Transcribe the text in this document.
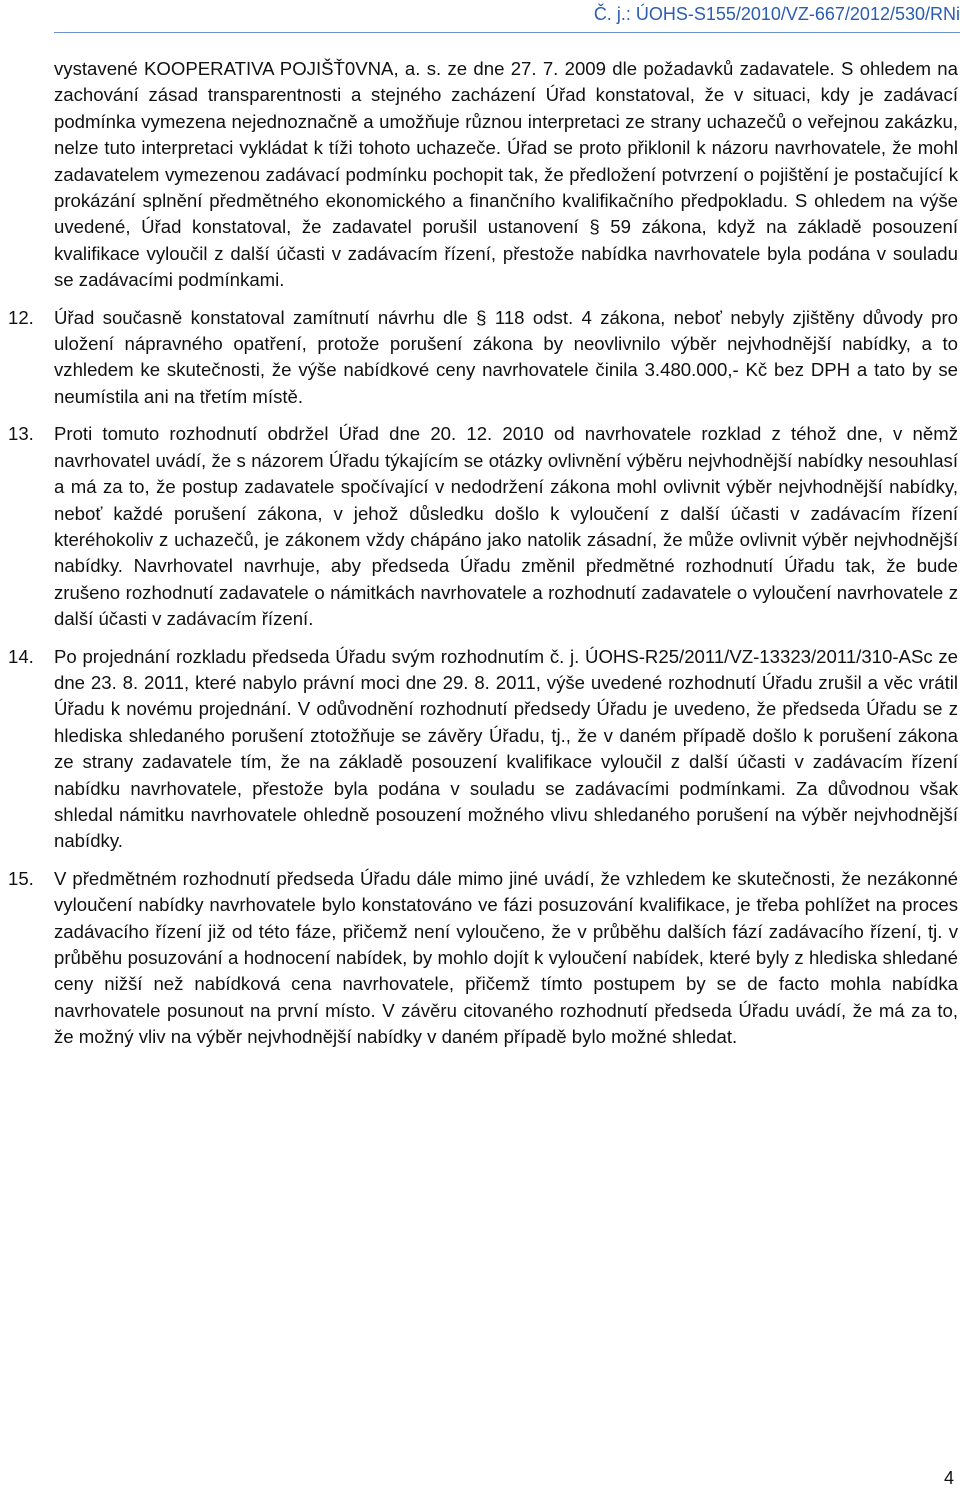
Č. j.: ÚOHS-S155/2010/VZ-667/2012/530/RNi

vystavené KOOPERATIVA POJIŠŤ0VNA, a. s. ze dne 27. 7. 2009 dle požadavků zadavatele. S ohledem na zachování zásad transparentnosti a stejného zacházení Úřad konstatoval, že v situaci, kdy je zadávací podmínka vymezena nejednoznačně a umožňuje různou interpretaci ze strany uchazečů o veřejnou zakázku, nelze tuto interpretaci vykládat k tíži tohoto uchazeče. Úřad se proto přiklonil k názoru navrhovatele, že mohl zadavatelem vymezenou zadávací podmínku pochopit tak, že předložení potvrzení o pojištění je postačující k prokázání splnění předmětného ekonomického a finančního kvalifikačního předpokladu. S ohledem na výše uvedené, Úřad konstatoval, že zadavatel porušil ustanovení § 59 zákona, když na základě posouzení kvalifikace vyloučil z další účasti v zadávacím řízení, přestože nabídka navrhovatele byla podána v souladu se zadávacími podmínkami.

12.	Úřad současně konstatoval zamítnutí návrhu dle § 118 odst. 4 zákona, neboť nebyly zjištěny důvody pro uložení nápravného opatření, protože porušení zákona by neovlivnilo výběr nejvhodnější nabídky, a to vzhledem ke skutečnosti, že výše nabídkové ceny navrhovatele činila 3.480.000,- Kč bez DPH a tato by se neumístila ani na třetím místě.

13.	Proti tomuto rozhodnutí obdržel Úřad dne 20. 12. 2010 od navrhovatele rozklad z téhož dne, v němž navrhovatel uvádí, že s názorem Úřadu týkajícím se otázky ovlivnění výběru nejvhodnější nabídky nesouhlasí a má za to, že postup zadavatele spočívající v nedodržení zákona mohl ovlivnit výběr nejvhodnější nabídky, neboť každé porušení zákona, v jehož důsledku došlo k vyloučení z další účasti v zadávacím řízení kteréhokoliv z uchazečů, je zákonem vždy chápáno jako natolik zásadní, že může ovlivnit výběr nejvhodnější nabídky. Navrhovatel navrhuje, aby předseda Úřadu změnil předmětné rozhodnutí Úřadu tak, že bude zrušeno rozhodnutí zadavatele o námitkách navrhovatele a rozhodnutí zadavatele o vyloučení navrhovatele z další účasti v zadávacím řízení.

14.	Po projednání rozkladu předseda Úřadu svým rozhodnutím č. j. ÚOHS-R25/2011/VZ-13323/2011/310-ASc ze dne 23. 8. 2011, které nabylo právní moci dne 29. 8. 2011, výše uvedené rozhodnutí Úřadu zrušil a věc vrátil Úřadu k novému projednání. V odůvodnění rozhodnutí předsedy Úřadu je uvedeno, že předseda Úřadu se z hlediska shledaného porušení ztotožňuje se závěry Úřadu, tj., že v daném případě došlo k porušení zákona ze strany zadavatele tím, že na základě posouzení kvalifikace vyloučil z další účasti v zadávacím řízení nabídku navrhovatele, přestože byla podána v souladu se zadávacími podmínkami. Za důvodnou však shledal námitku navrhovatele ohledně posouzení možného vlivu shledaného porušení na výběr nejvhodnější nabídky.

15.	V předmětném rozhodnutí předseda Úřadu dále mimo jiné uvádí, že vzhledem ke skutečnosti, že nezákonné vyloučení nabídky navrhovatele bylo konstatováno ve fázi posuzování kvalifikace, je třeba pohlížet na proces zadávacího řízení již od této fáze, přičemž není vyloučeno, že v průběhu dalších fází zadávacího řízení, tj. v průběhu posuzování a hodnocení nabídek, by mohlo dojít k vyloučení nabídek, které byly z hlediska shledané ceny nižší než nabídková cena navrhovatele, přičemž tímto postupem by se de facto mohla nabídka navrhovatele posunout na první místo. V závěru citovaného rozhodnutí předseda Úřadu uvádí, že má za to, že možný vliv na výběr nejvhodnější nabídky v daném případě bylo možné shledat.

4
